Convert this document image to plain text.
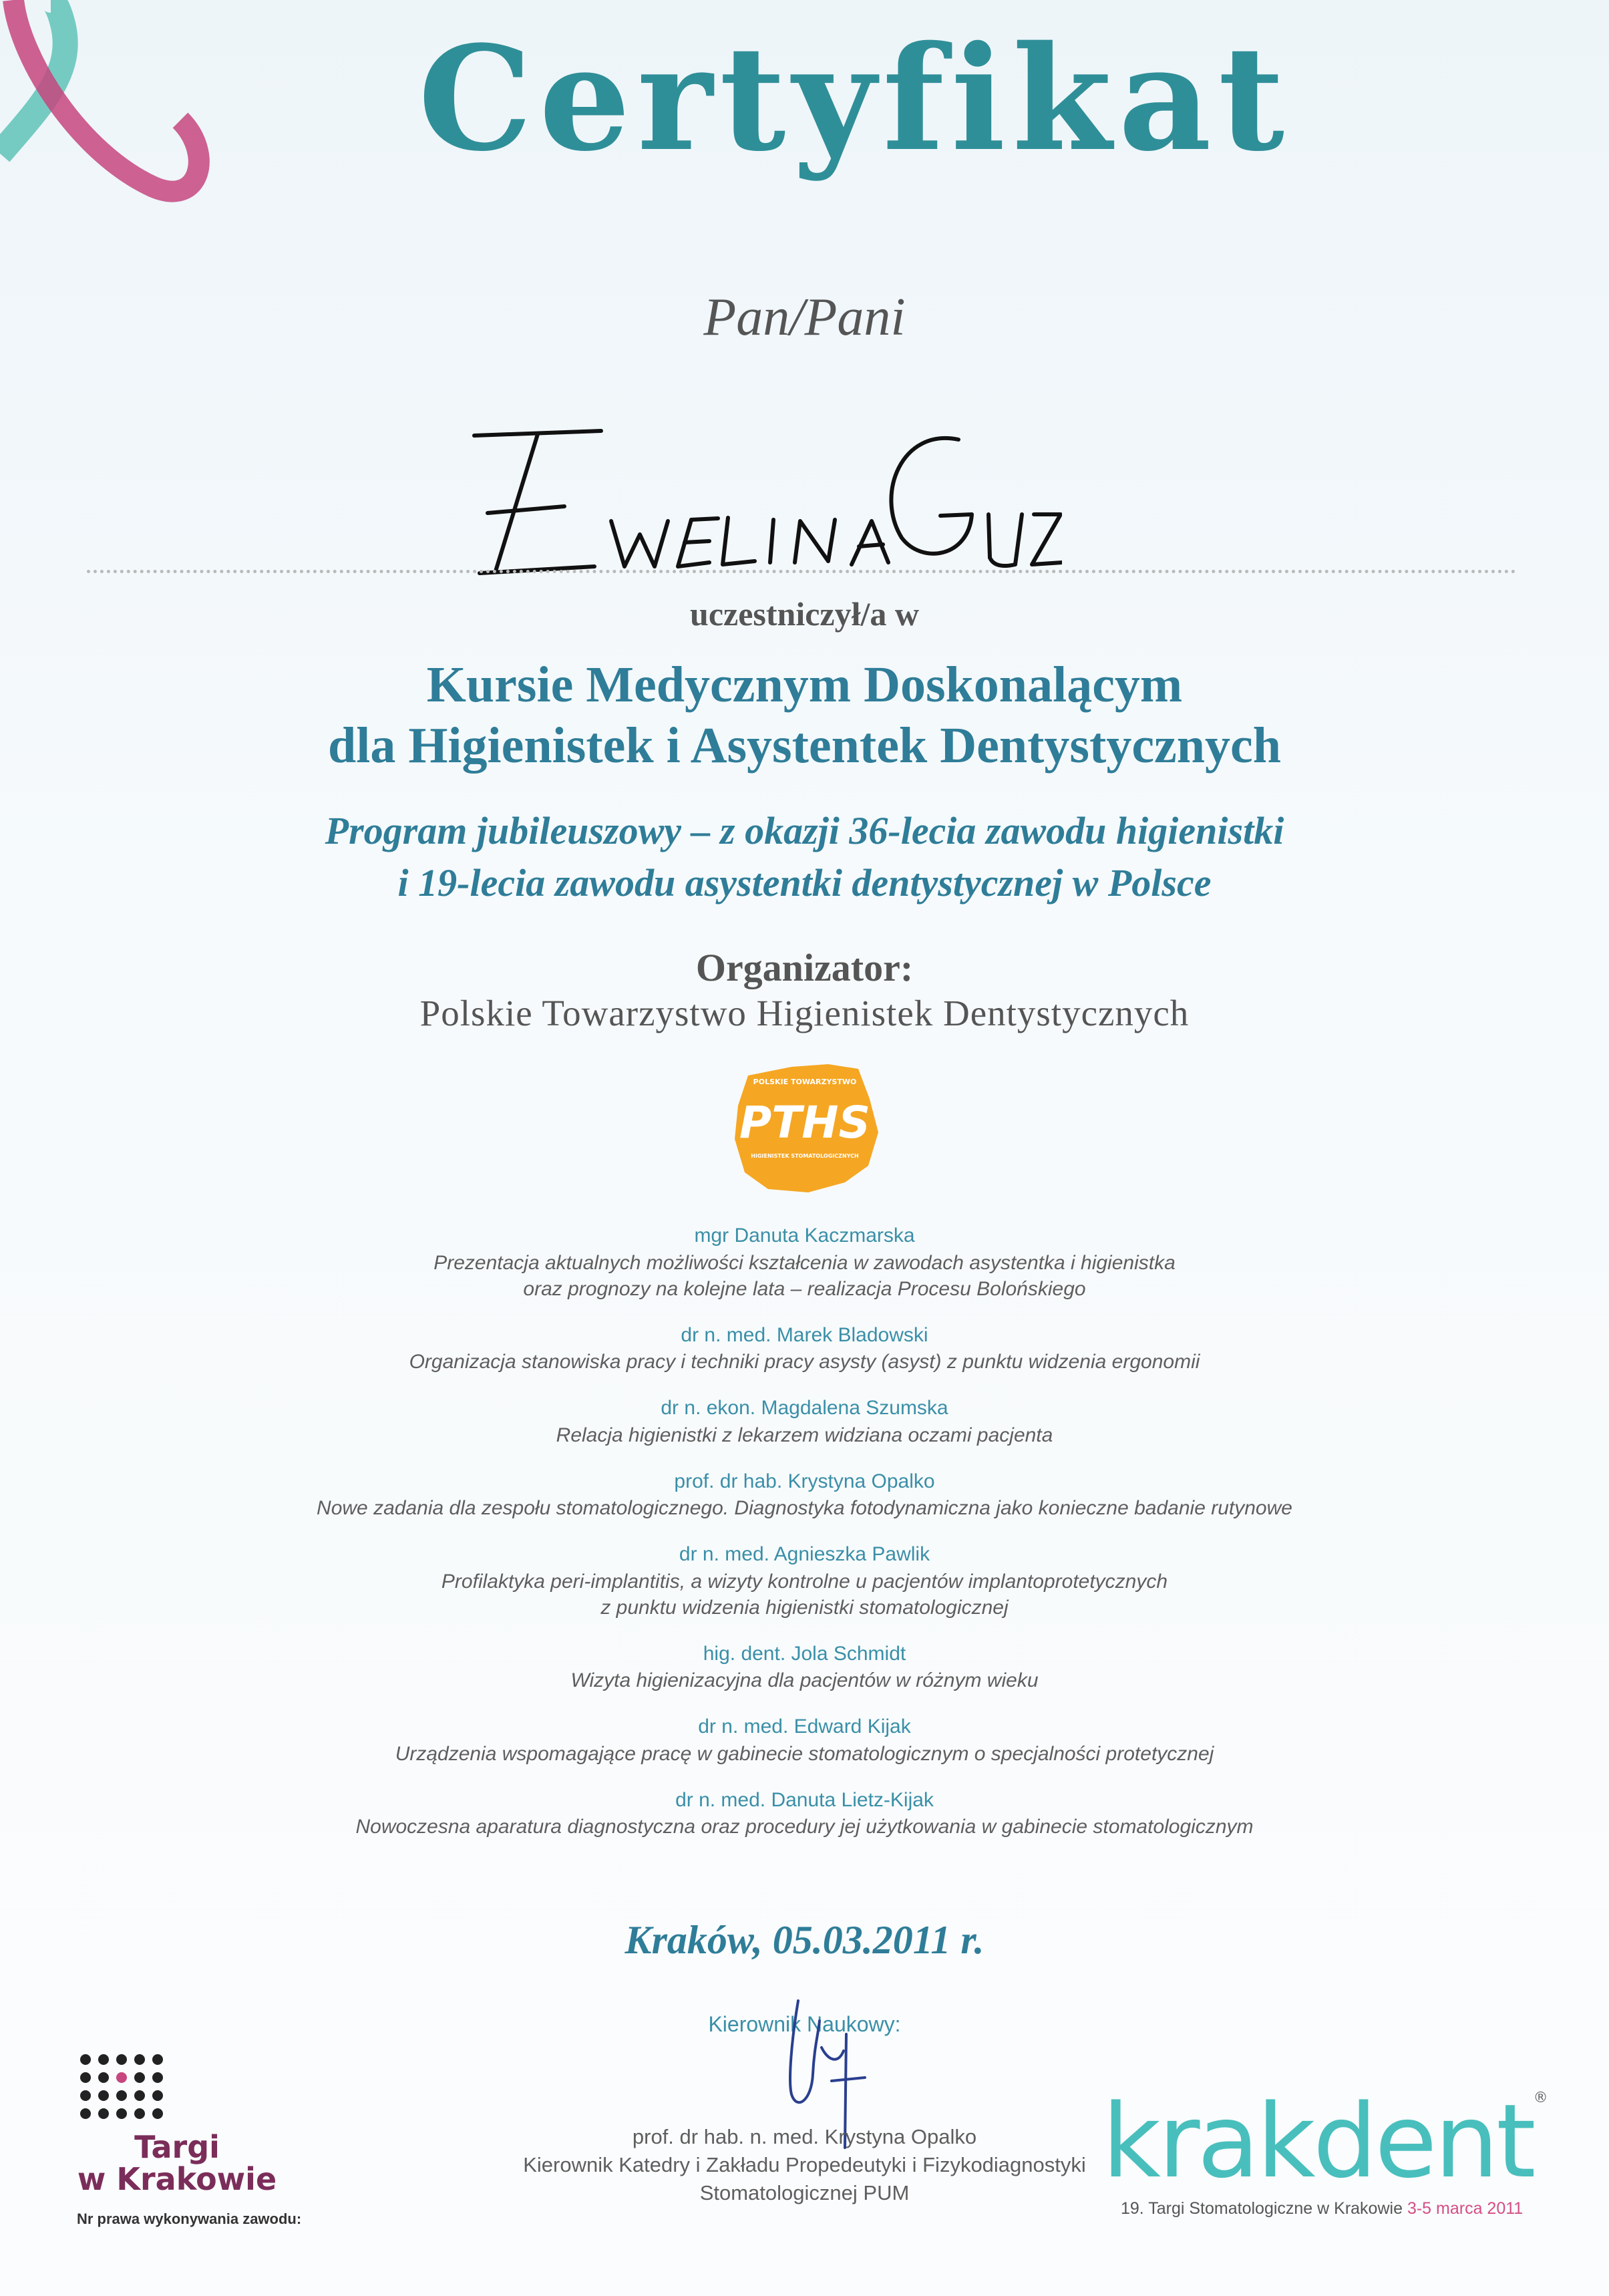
Certyfikat
Pan/Pani
uczestniczył/a w
Kursie Medycznym Doskonalącym
dla Higienistek i Asystentek Dentystycznych
Program jubileuszowy – z okazji 36-lecia zawodu higienistki
i 19-lecia zawodu asystentki dentystycznej w Polsce
Organizator:
Polskie Towarzystwo Higienistek Dentystycznych
POLSKIE TOWARZYSTWO
PTHS
HIGIENISTEK STOMATOLOGICZNYCH
mgr Danuta Kaczmarska
Prezentacja aktualnych możliwości kształcenia w zawodach asystentka i higienistka
oraz prognozy na kolejne lata – realizacja Procesu Bolońskiego
dr n. med. Marek Bladowski
Organizacja stanowiska pracy i techniki pracy asysty (asyst) z punktu widzenia ergonomii
dr n. ekon. Magdalena Szumska
Relacja higienistki z lekarzem widziana oczami pacjenta
prof. dr hab. Krystyna Opalko
Nowe zadania dla zespołu stomatologicznego. Diagnostyka fotodynamiczna jako konieczne badanie rutynowe
dr n. med. Agnieszka Pawlik
Profilaktyka peri-implantitis, a wizyty kontrolne u pacjentów implantoprotetycznych
z punktu widzenia higienistki stomatologicznej
hig. dent. Jola Schmidt
Wizyta higienizacyjna dla pacjentów w różnym wieku
dr n. med. Edward Kijak
Urządzenia wspomagające pracę w gabinecie stomatologicznym o specjalności protetycznej
dr n. med. Danuta Lietz-Kijak
Nowoczesna aparatura diagnostyczna oraz procedury jej użytkowania w gabinecie stomatologicznym
Kraków, 05.03.2011 r.
Kierownik Naukowy:
prof. dr hab. n. med. Krystyna Opalko
Kierownik Katedry i Zakładu Propedeutyki i Fizykodiagnostyki
Stomatologicznej PUM
Targi
w Krakowie
Nr prawa wykonywania zawodu:
krakdent®
19. Targi Stomatologiczne w Krakowie 3-5 marca 2011
